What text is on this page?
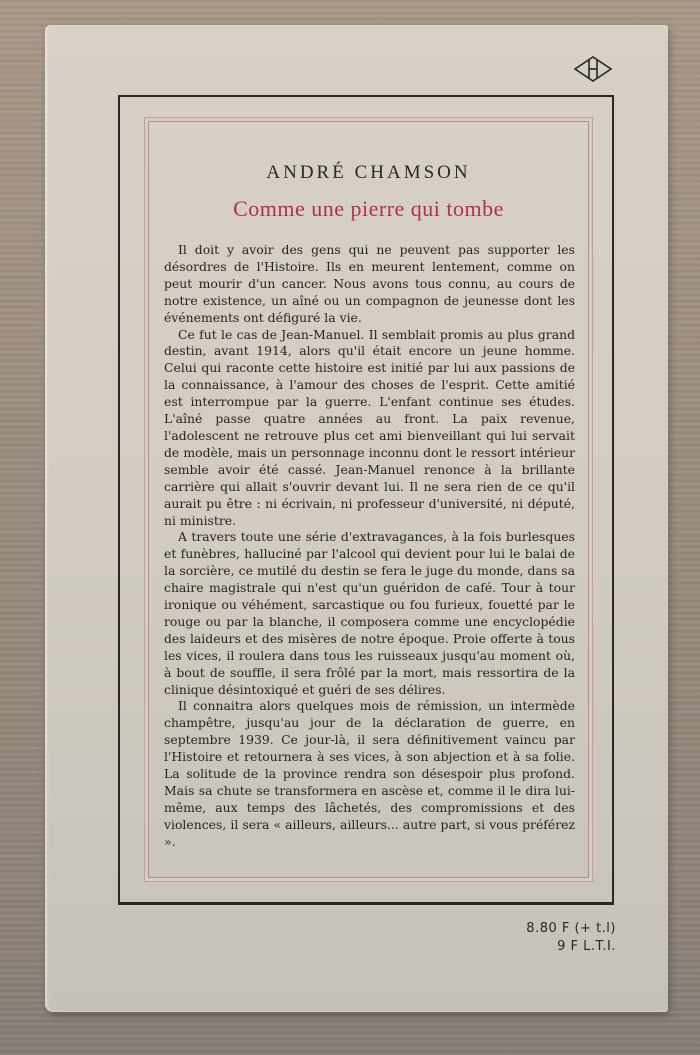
ANDRÉ CHAMSON
Comme une pierre qui tombe

Il doit y avoir des gens qui ne peuvent pas supporter les désordres de l'Histoire. Ils en meurent lentement, comme on peut mourir d'un cancer. Nous avons tous connu, au cours de notre existence, un aîné ou un compagnon de jeunesse dont les événements ont défiguré la vie.

Ce fut le cas de Jean-Manuel. Il semblait promis au plus grand destin, avant 1914, alors qu'il était encore un jeune homme. Celui qui raconte cette histoire est initié par lui aux passions de la connaissance, à l'amour des choses de l'esprit. Cette amitié est interrompue par la guerre. L'enfant continue ses études. L'aîné passe quatre années au front. La paix revenue, l'adolescent ne retrouve plus cet ami bienveillant qui lui servait de modèle, mais un personnage inconnu dont le ressort intérieur semble avoir été cassé. Jean-Manuel renonce à la brillante carrière qui allait s'ouvrir devant lui. Il ne sera rien de ce qu'il aurait pu être : ni écrivain, ni professeur d'université, ni député, ni ministre.

A travers toute une série d'extravagances, à la fois burlesques et funèbres, halluciné par l'alcool qui devient pour lui le balai de la sorcière, ce mutilé du destin se fera le juge du monde, dans sa chaire magistrale qui n'est qu'un guéridon de café. Tour à tour ironique ou véhément, sarcastique ou fou furieux, fouetté par le rouge ou par la blanche, il composera comme une encyclopédie des laideurs et des misères de notre époque. Proie offerte à tous les vices, il roulera dans tous les ruisseaux jusqu'au moment où, à bout de souffle, il sera frôlé par la mort, mais ressortira de la clinique désintoxiqué et guéri de ses délires.

Il connaitra alors quelques mois de rémission, un intermède champêtre, jusqu'au jour de la déclaration de guerre, en septembre 1939. Ce jour-là, il sera définitivement vaincu par l'Histoire et retournera à ses vices, à son abjection et à sa folie. La solitude de la province rendra son désespoir plus profond. Mais sa chute se transformera en ascèse et, comme il le dira lui-même, aux temps des lâchetés, des compromissions et des violences, il sera « ailleurs, ailleurs... autre part, si vous préférez ».

8.80 F (+ t.l)
9 F L.T.I.
